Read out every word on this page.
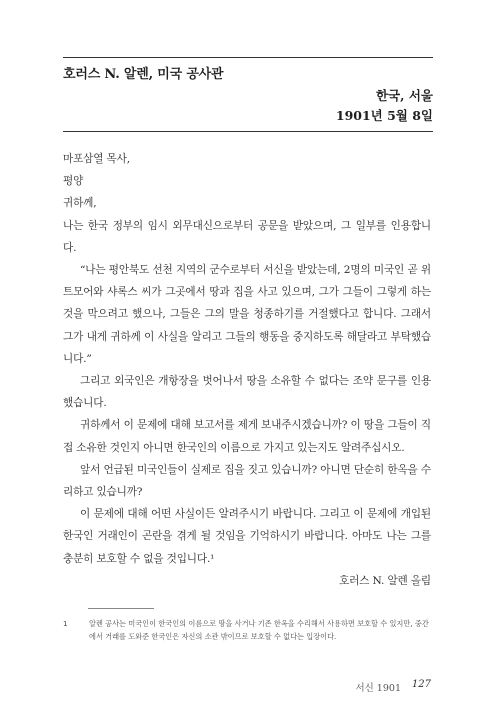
호러스 N. 알렌, 미국 공사관
한국, 서울
1901년 5월 8일

마포삼열 목사,

평양

귀하께,

나는 한국 정부의 임시 외무대신으로부터 공문을 받았으며, 그 일부를 인용합니다.

“나는 평안북도 선천 지역의 군수로부터 서신을 받았는데, 2명의 미국인 곧 위트모어와 샤록스 씨가 그곳에서 땅과 집을 사고 있으며, 그가 그들이 그렇게 하는 것을 막으려고 했으나, 그들은 그의 말을 청종하기를 거절했다고 합니다. 그래서 그가 내게 귀하께 이 사실을 알리고 그들의 행동을 중지하도록 해달라고 부탁했습니다.”

그리고 외국인은 개항장을 벗어나서 땅을 소유할 수 없다는 조약 문구를 인용했습니다.

귀하께서 이 문제에 대해 보고서를 제게 보내주시겠습니까? 이 땅을 그들이 직접 소유한 것인지 아니면 한국인의 이름으로 가지고 있는지도 알려주십시오.

앞서 언급된 미국인들이 실제로 집을 짓고 있습니까? 아니면 단순히 한옥을 수리하고 있습니까?

이 문제에 대해 어떤 사실이든 알려주시기 바랍니다. 그리고 이 문제에 개입된 한국인 거래인이 곤란을 겪게 될 것임을 기억하시기 바랍니다. 아마도 나는 그를 충분히 보호할 수 없을 것입니다.¹

호러스 N. 알렌 올림

1	알렌 공사는 미국인이 한국인의 이름으로 땅을 사거나 기존 한옥을 수리해서 사용하면 보호할 수 있지만, 중간에서 거래를 도와준 한국인은 자신의 소관 밖이므로 보호할 수 없다는 입장이다.
서신 1901 127
